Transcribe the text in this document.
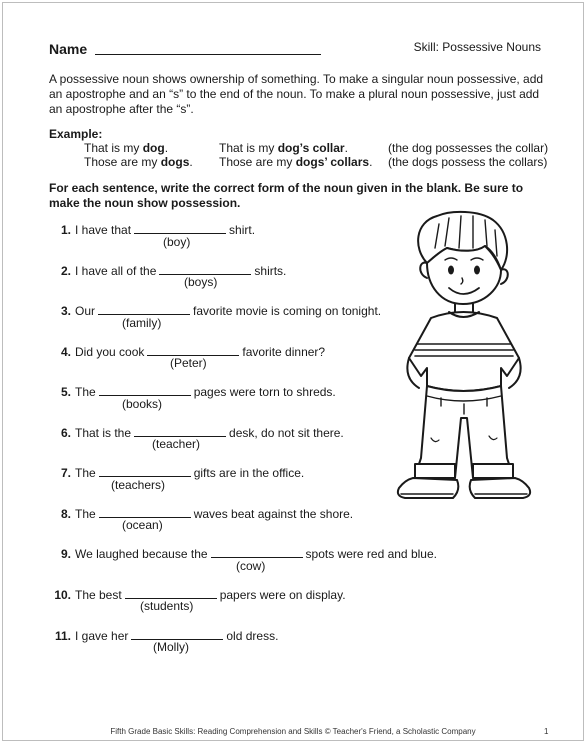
Name	Skill: Possessive Nouns
A possessive noun shows ownership of something. To make a singular noun possessive, add an apostrophe and an “s” to the end of the noun. To make a plural noun possessive, just add an apostrophe after the “s”.
Example:
That is my dog.	That is my dog’s collar.	(the dog possesses the collar)
Those are my dogs. Those are my dogs’ collars. (the dogs possess the collars)
For each sentence, write the correct form of the noun given in the blank. Be sure to make the noun show possession.
1. I have that	shirt.
(boy)
2. I have all of the	shirts.
(boys)
3. Our	favorite movie is coming on tonight.
(family)
4. Did you cook	favorite dinner?
(Peter)
5. The	pages were torn to shreds.
(books)
6. That is the	desk, do not sit there.
(teacher)
7. The	gifts are in the office.
(teachers)
8. The	waves beat against the shore.
(ocean)
9. We laughed because the	spots were red and blue.
(cow)
10. The best	papers were on display.
(students)
11. I gave her	old dress.
(Molly)
Fifth Grade Basic Skills: Reading Comprehension and Skills © Teacher's Friend, a Scholastic Company	1
